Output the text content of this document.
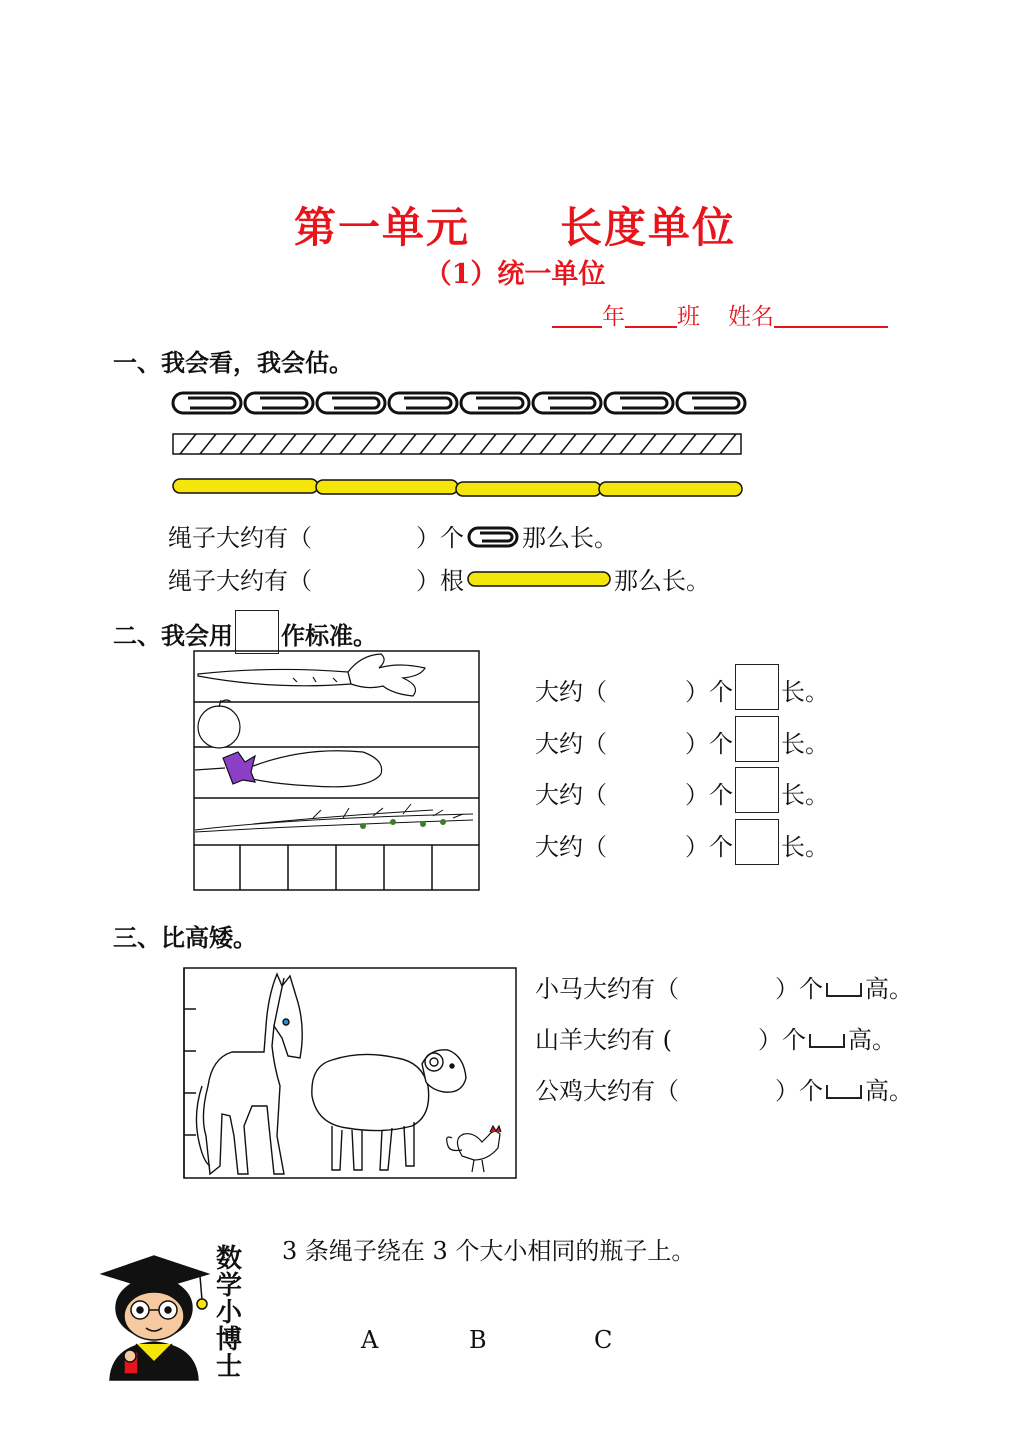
第一单元 长度单位
（1）统一单位
年 班 姓名
一、我会看，我会估。
绳子大约有（	）个 那么长。
绳子大约有（	）根	那么长。
二、我会用 作标准。
大约（	）个 长。
大约（	）个 长。
大约（	）个 长。
大约（	）个 长。
三、比高矮。
小马大约有（	）个 高。
山羊大约有 (	）个 高。
公鸡大约有（	）个 高。
数
学
小
博
士
3 条绳子绕在 3 个大小相同的瓶子上。
A	B	C
